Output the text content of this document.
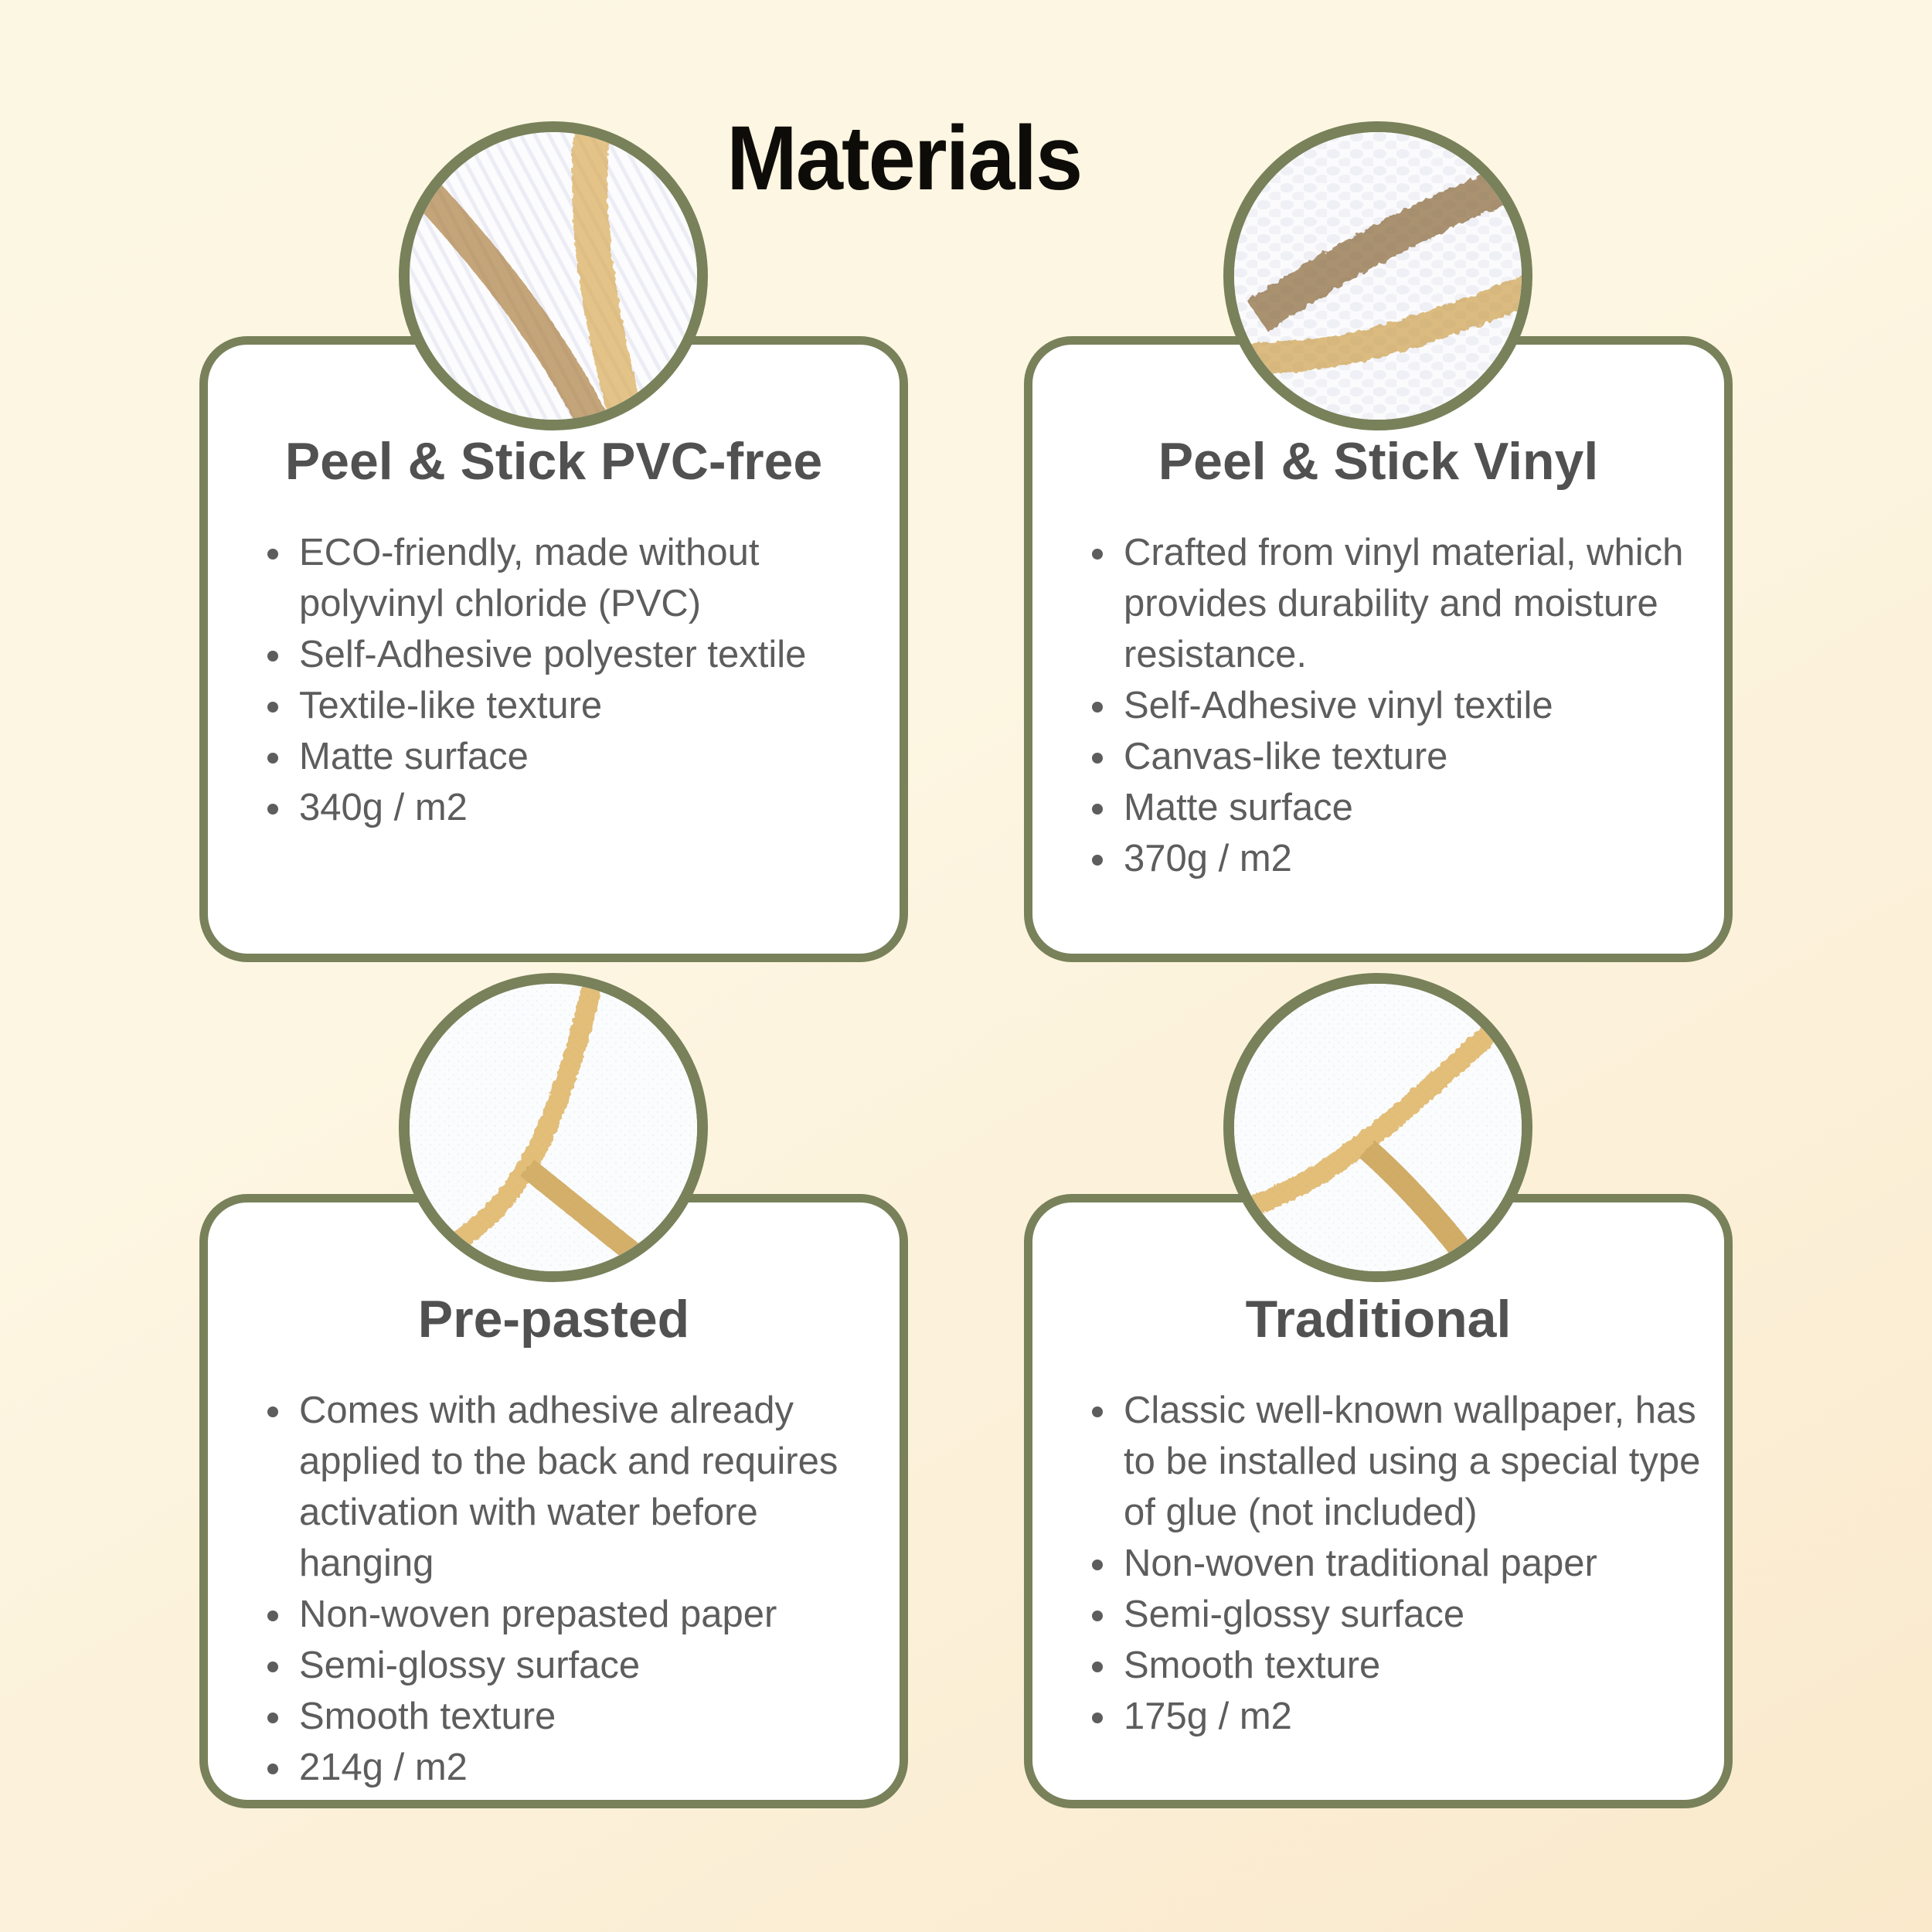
Materials
Peel & Stick PVC-free
• ECO-friendly, made without polyvinyl chloride (PVC)
• Self-Adhesive polyester textile
• Textile-like texture
• Matte surface
• 340g / m2
Peel & Stick Vinyl
• Crafted from vinyl material, which provides durability and moisture resistance.
• Self-Adhesive vinyl textile
• Canvas-like texture
• Matte surface
• 370g / m2
Pre-pasted
• Comes with adhesive already applied to the back and requires activation with water before hanging
• Non-woven prepasted paper
• Semi-glossy surface
• Smooth texture
• 214g / m2
Traditional
• Classic well-known wallpaper, has to be installed using a special type of glue (not included)
• Non-woven traditional paper
• Semi-glossy surface
• Smooth texture
• 175g / m2
